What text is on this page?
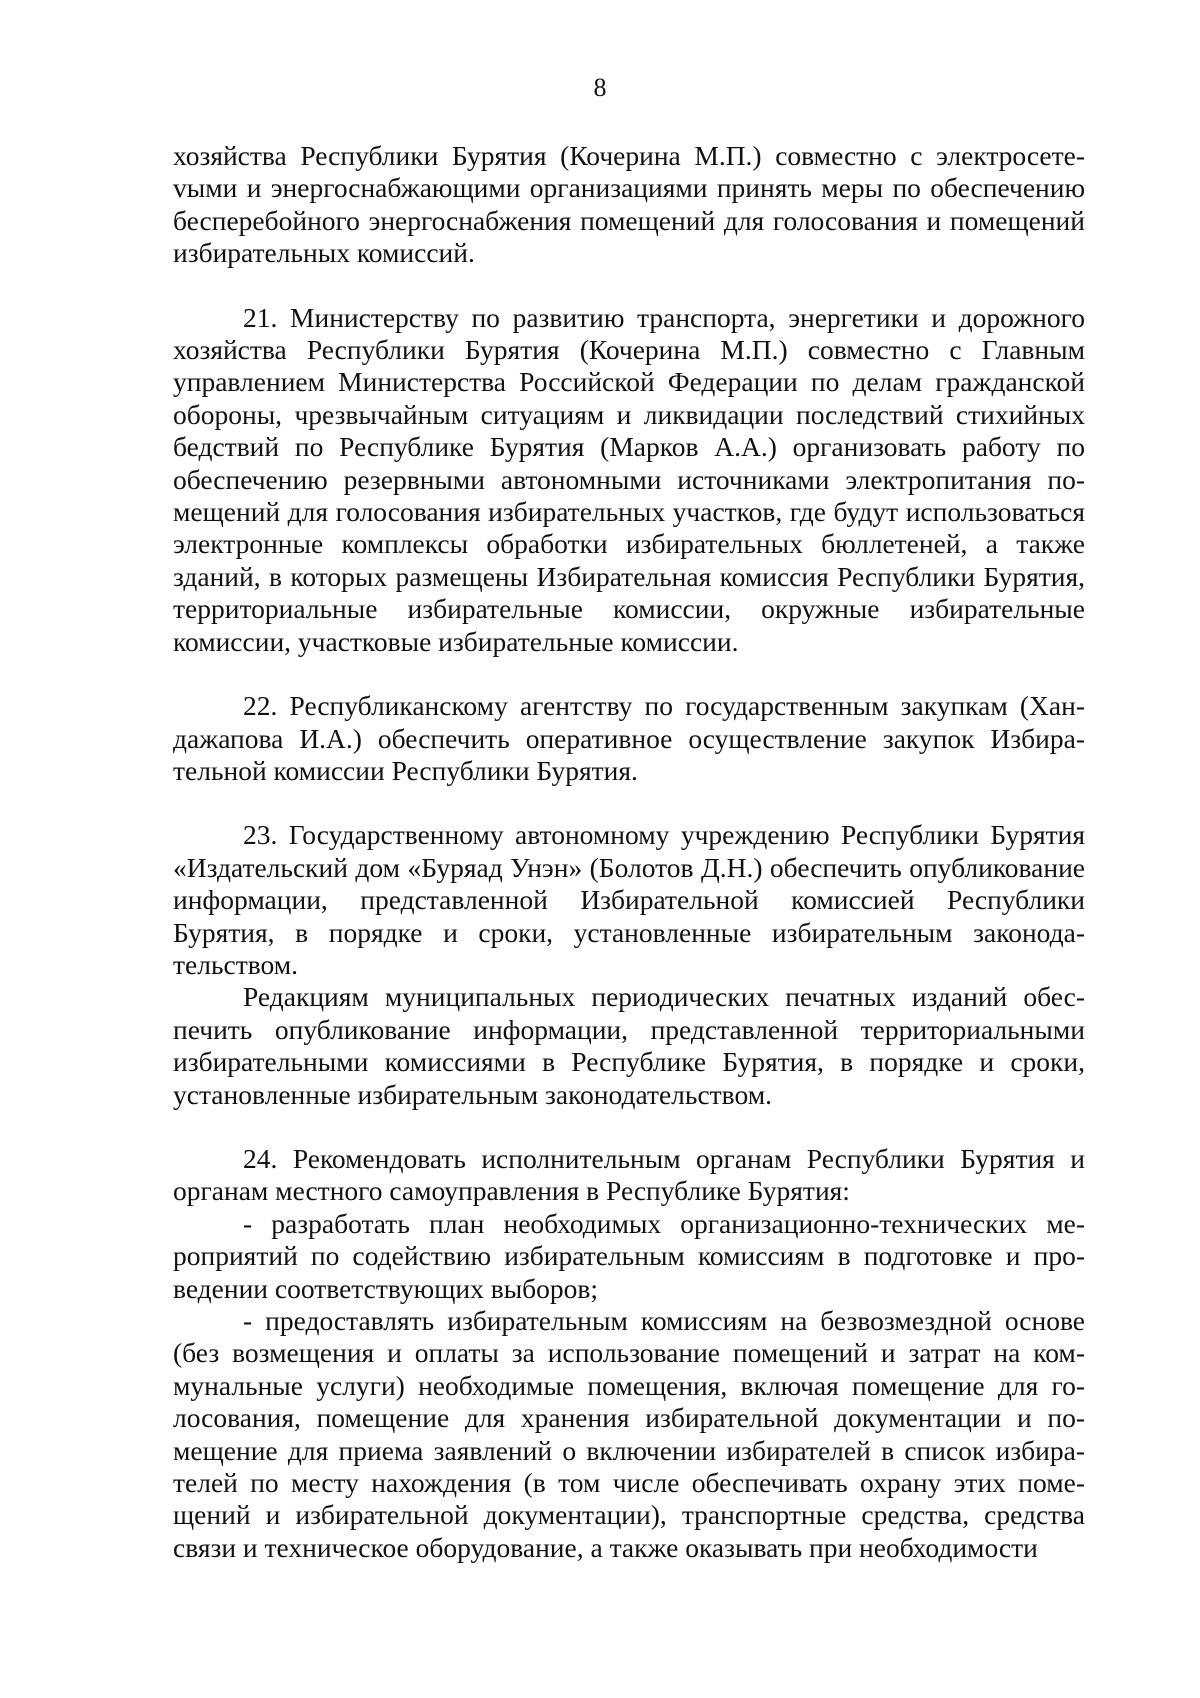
8

хозяйства Республики Бурятия (Кочерина М.П.) совместно с электросетеvыми и энергоснабжающими организациями принять меры по обеспечению бесперебойного энергоснабжения помещений для голосования и помещений избирательных комиссий.

21. Министерству по развитию транспорта, энергетики и дорожного хозяйства Республики Бурятия (Кочерина М.П.) совместно с Главным управлением Министерства Российской Федерации по делам гражданской обороны, чрезвычайным ситуациям и ликвидации последствий стихийных бедствий по Республике Бурятия (Марков А.А.) организовать работу по обеспечению резервными автономными источниками электропитания помещений для голосования избирательных участков, где будут использоваться электронные комплексы обработки избирательных бюллетеней, а также зданий, в которых размещены Избирательная комиссия Республики Бурятия, территориальные избирательные комиссии, окружные избирательные комиссии, участковые избирательные комиссии.

22. Республиканскому агентству по государственным закупкам (Хандажапова И.А.) обеспечить оперативное осуществление закупок Избирательной комиссии Республики Бурятия.

23. Государственному автономному учреждению Республики Бурятия «Издательский дом «Буряад Унэн» (Болотов Д.Н.) обеспечить опубликование информации, представленной Избирательной комиссией Республики Бурятия, в порядке и сроки, установленные избирательным законодательством.

Редакциям муниципальных периодических печатных изданий обеспечить опубликование информации, представленной территориальными избирательными комиссиями в Республике Бурятия, в порядке и сроки, установленные избирательным законодательством.

24. Рекомендовать исполнительным органам Республики Бурятия и органам местного самоуправления в Республике Бурятия:

- разработать план необходимых организационно-технических мероприятий по содействию избирательным комиссиям в подготовке и проведении соответствующих выборов;

- предоставлять избирательным комиссиям на безвозмездной основе (без возмещения и оплаты за использование помещений и затрат на коммунальные услуги) необходимые помещения, включая помещение для голосования, помещение для хранения избирательной документации и помещение для приема заявлений о включении избирателей в список избирателей по месту нахождения (в том числе обеспечивать охрану этих помещений и избирательной документации), транспортные средства, средства связи и техническое оборудование, а также оказывать при необходимости
